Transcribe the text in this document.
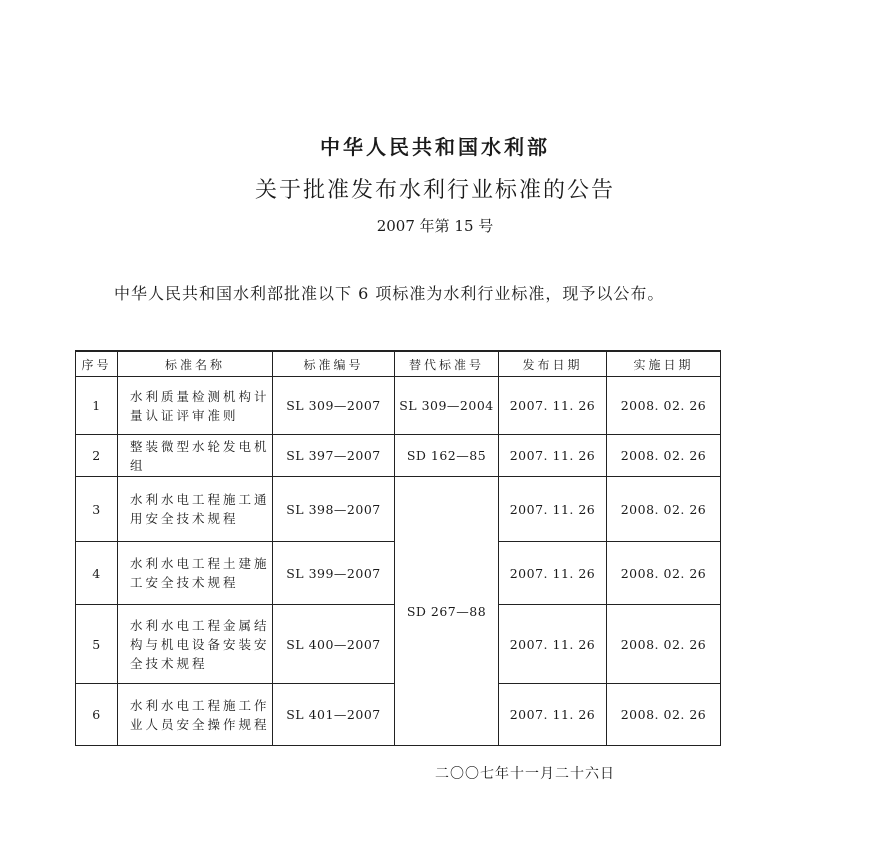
中华人民共和国水利部
关于批准发布水利行业标准的公告
2007 年第 15 号
中华人民共和国水利部批准以下 6 项标准为水利行业标准，现予以公布。
序号	标准名称	标准编号	替代标准号	发布日期	实施日期
1	水利质量检测机构计量认证评审准则	SL 309—2007	SL 309—2004	2007. 11. 26	2008. 02. 26
2	整装微型水轮发电机组	SL 397—2007	SD 162—85	2007. 11. 26	2008. 02. 26
3	水利水电工程施工通用安全技术规程	SL 398—2007	SD 267—88	2007. 11. 26	2008. 02. 26
4	水利水电工程土建施工安全技术规程	SL 399—2007		2007. 11. 26	2008. 02. 26
5	水利水电工程金属结构与机电设备安装安全技术规程	SL 400—2007		2007. 11. 26	2008. 02. 26
6	水利水电工程施工作业人员安全操作规程	SL 401—2007		2007. 11. 26	2008. 02. 26
二〇〇七年十一月二十六日
